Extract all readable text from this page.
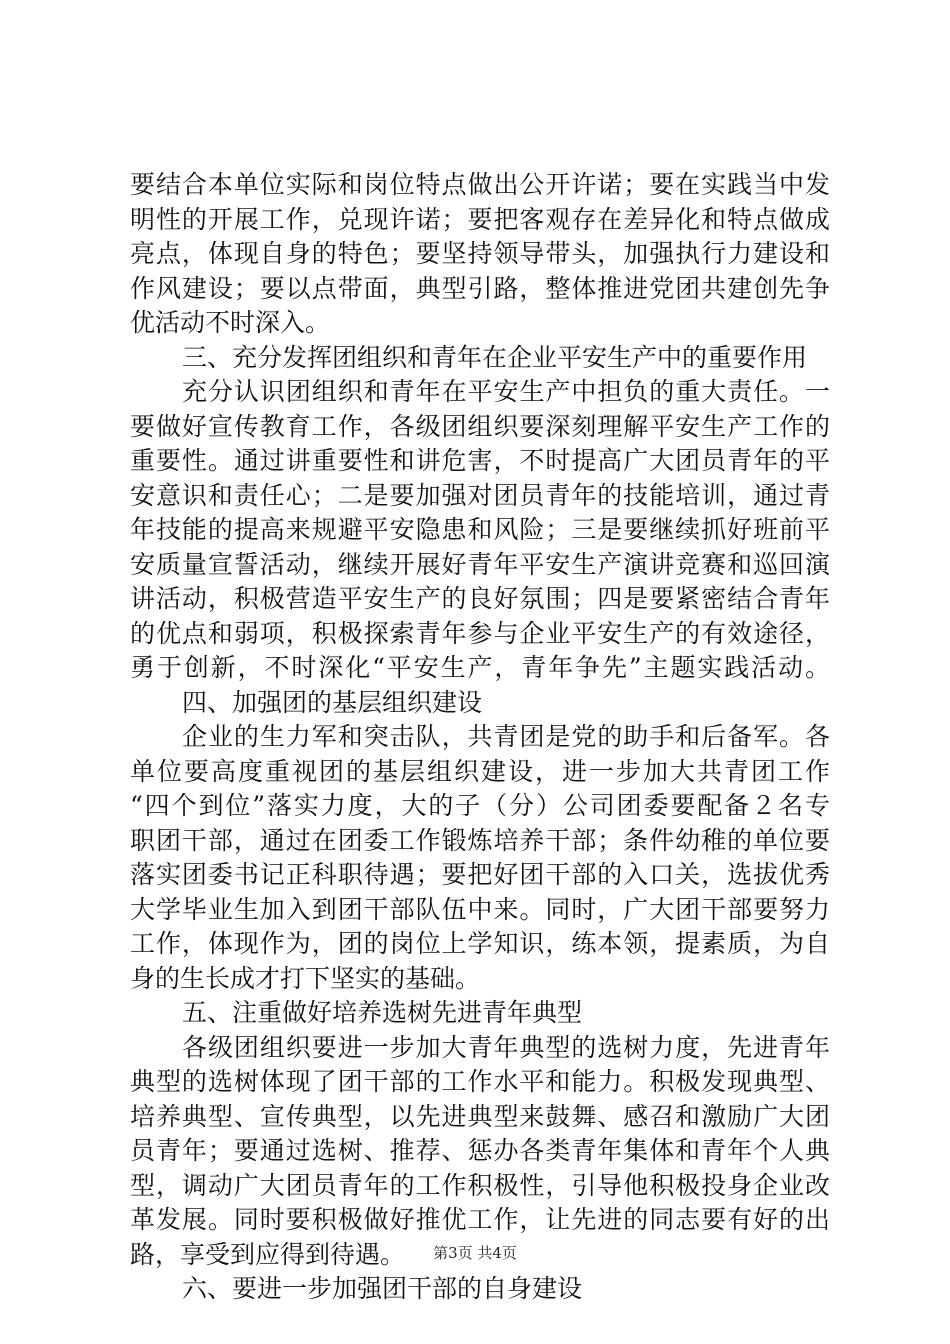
要结合本单位实际和岗位特点做出公开许诺；要在实践当中发
明性的开展工作，兑现许诺；要把客观存在差异化和特点做成
亮点，体现自身的特色；要坚持领导带头，加强执行力建设和
作风建设；要以点带面，典型引路，整体推进党团共建创先争
优活动不时深入。
三、充分发挥团组织和青年在企业平安生产中的重要作用
充分认识团组织和青年在平安生产中担负的重大责任。一
要做好宣传教育工作，各级团组织要深刻理解平安生产工作的
重要性。通过讲重要性和讲危害，不时提高广大团员青年的平
安意识和责任心；二是要加强对团员青年的技能培训，通过青
年技能的提高来规避平安隐患和风险；三是要继续抓好班前平
安质量宣誓活动，继续开展好青年平安生产演讲竞赛和巡回演
讲活动，积极营造平安生产的良好氛围；四是要紧密结合青年
的优点和弱项，积极探索青年参与企业平安生产的有效途径，
勇于创新，不时深化“平安生产，青年争先”主题实践活动。
四、加强团的基层组织建设
企业的生力军和突击队，共青团是党的助手和后备军。各
单位要高度重视团的基层组织建设，进一步加大共青团工作
“四个到位”落实力度，大的子（分）公司团委要配备２名专
职团干部，通过在团委工作锻炼培养干部；条件幼稚的单位要
落实团委书记正科职待遇；要把好团干部的入口关，选拔优秀
大学毕业生加入到团干部队伍中来。同时，广大团干部要努力
工作，体现作为，团的岗位上学知识，练本领，提素质，为自
身的生长成才打下坚实的基础。
五、注重做好培养选树先进青年典型
各级团组织要进一步加大青年典型的选树力度，先进青年
典型的选树体现了团干部的工作水平和能力。积极发现典型、
培养典型、宣传典型，以先进典型来鼓舞、感召和激励广大团
员青年；要通过选树、推荐、惩办各类青年集体和青年个人典
型，调动广大团员青年的工作积极性，引导他积极投身企业改
革发展。同时要积极做好推优工作，让先进的同志要有好的出
路，享受到应得到待遇。
六、要进一步加强团干部的自身建设
第3页 共4页
